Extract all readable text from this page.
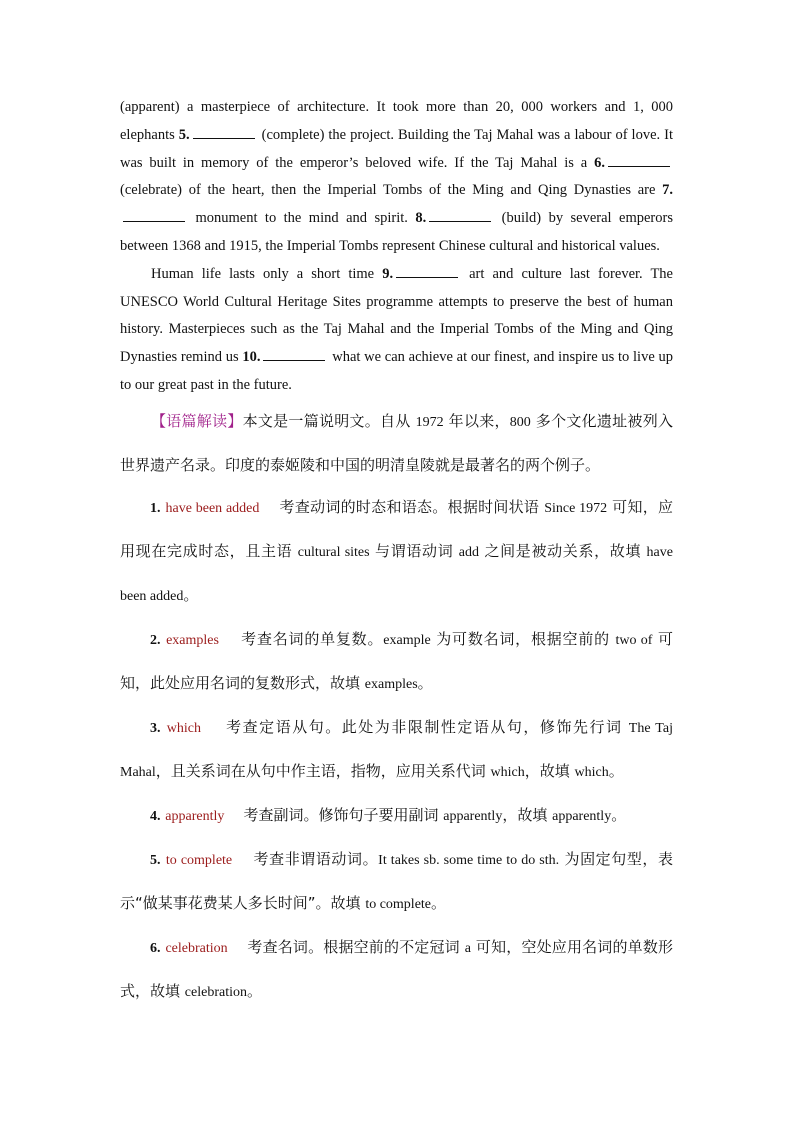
(apparent) a masterpiece of architecture. It took more than 20, 000 workers and 1, 000 elephants 5.	(complete) the project. Building the Taj Mahal was a labour of love. It was built in memory of the emperor’s beloved wife. If the Taj Mahal is a 6. (celebrate) of the heart, then the Imperial Tombs of the Ming and Qing Dynasties are 7. monument to the mind and spirit. 8.	(build) by several emperors between 1368 and 1915, the Imperial Tombs represent Chinese cultural and historical values.

Human life lasts only a short time 9.	art and culture last forever. The UNESCO World Cultural Heritage Sites programme attempts to preserve the best of human history. Masterpieces such as the Taj Mahal and the Imperial Tombs of the Ming and Qing Dynasties remind us 10.	what we can achieve at our finest, and inspire us to live up to our great past in the future.

【语篇解读】本文是一篇说明文。自从 1972 年以来，800 多个文化遗址被列入世界遗产名录。印度的泰姬陵和中国的明清皇陵就是最著名的两个例子。

1. have been added 考查动词的时态和语态。根据时间状语 Since 1972 可知，应用现在完成时态，且主语 cultural sites 与谓语动词 add 之间是被动关系，故填 have been added。

2. examples 考查名词的单复数。example 为可数名词，根据空前的 two of 可知，此处应用名词的复数形式，故填 examples。

3. which 考查定语从句。此处为非限制性定语从句，修饰先行词 The Taj Mahal，且关系词在从句中作主语，指物，应用关系代词 which，故填 which。

4. apparently 考查副词。修饰句子要用副词 apparently，故填 apparently。

5. to complete 考查非谓语动词。It takes sb. some time to do sth. 为固定句型，表示“做某事花费某人多长时间”。故填 to complete。

6. celebration 考查名词。根据空前的不定冠词 a 可知，空处应用名词的单数形式，故填 celebration。
